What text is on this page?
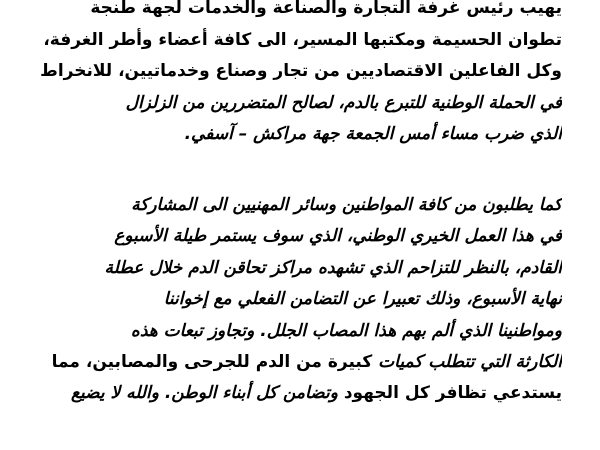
يهيب رئيس غرفة التجارة والصناعة والخدمات لجهة طنجة
تطوان الحسيمة ومكتبها المسير، الى كافة أعضاء وأطر الغرفة،
وكل الفاعلين الاقتصاديين من تجار وصناع وخدماتيين، للانخراط
في الحملة الوطنية للتبرع بالدم، لصالح المتضررين من الزلزال
الذي ضرب مساء أمس الجمعة جهة مراكش – آسفي.
كما يطلبون من كافة المواطنين وسائر المهنيين الى المشاركة
في هذا العمل الخيري الوطني، الذي سوف يستمر طيلة الأسبوع
القادم، بالنظر للتزاحم الذي تشهده مراكز تحاقن الدم خلال عطلة
نهاية الأسبوع، وذلك تعبيرا عن التضامن الفعلي مع إخواننا
ومواطنينا الذي ألم بهم هذا المصاب الجلل. وتجاوز تبعات هذه
الكارثة التي تتطلب كميات كبيرة من الدم للجرحى والمصابين، مما
يستدعي تظافر كل الجهود وتضامن كل أبناء الوطن. والله لا يضيع
